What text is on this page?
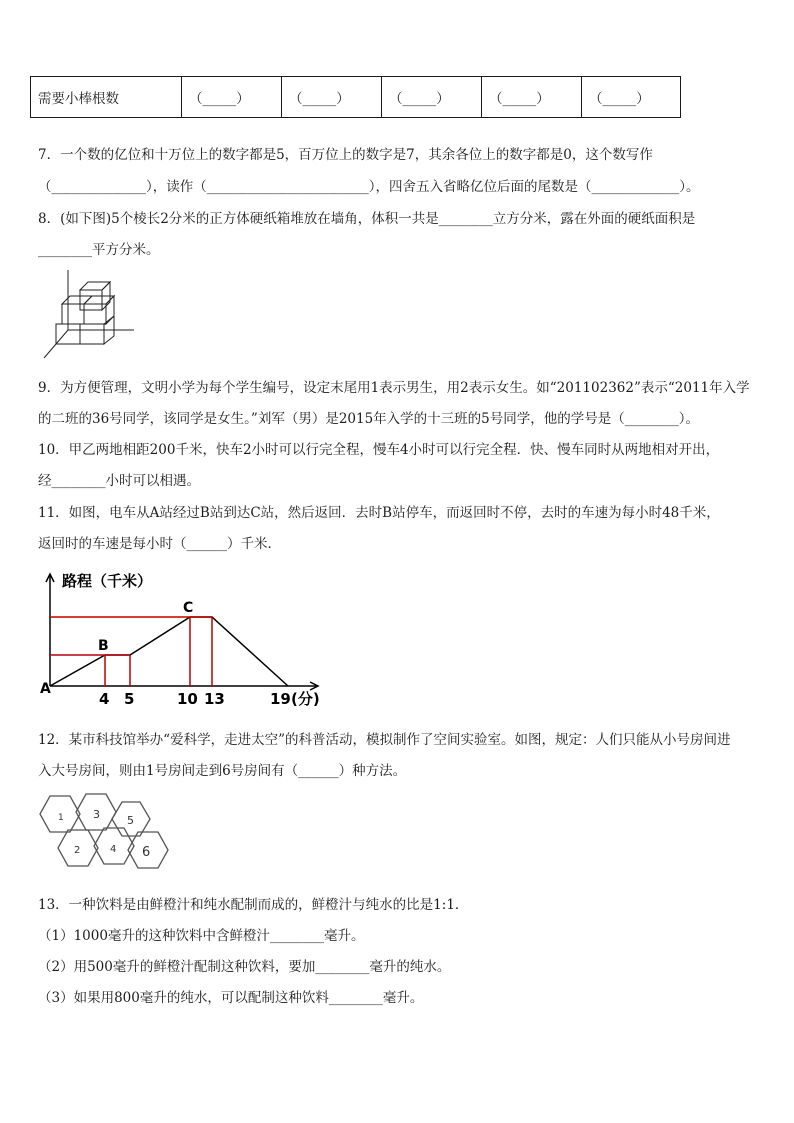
需要小棒根数	（_____）	（_____）	（_____）	（_____）	（_____）
7．一个数的亿位和十万位上的数字都是5，百万位上的数字是7，其余各位上的数字都是0，这个数写作
（______________），读作（________________________），四舍五入省略亿位后面的尾数是（_____________）。
8．(如下图)5个棱长2分米的正方体硬纸箱堆放在墙角，体积一共是________立方分米，露在外面的硬纸面积是
________平方分米。
9．为方便管理，文明小学为每个学生编号，设定末尾用1表示男生，用2表示女生。如“201102362”表示“2011年入学
的二班的36号同学，该同学是女生。”刘军（男）是2015年入学的十三班的5号同学，他的学号是（________）。
10．甲乙两地相距200千米，快车2小时可以行完全程，慢车4小时可以行完全程．快、慢车同时从两地相对开出，
经________小时可以相遇。
11．如图，电车从A站经过B站到达C站，然后返回．去时B站停车，而返回时不停，去时的车速为每小时48千米，
返回时的车速是每小时（______）千米．
路程（千米）
A
B
C
4 5	10 13	19 (分)
12．某市科技馆举办“爱科学，走进太空”的科普活动，模拟制作了空间实验室。如图，规定：人们只能从小号房间进
入大号房间，则由1号房间走到6号房间有（______）种方法。
1	3 5
2	4 6
13．一种饮料是由鲜橙汁和纯水配制而成的，鲜橙汁与纯水的比是1:1．
（1）1000毫升的这种饮料中含鲜橙汁________毫升。
（2）用500毫升的鲜橙汁配制这种饮料，要加________毫升的纯水。
（3）如果用800毫升的纯水，可以配制这种饮料________毫升。
